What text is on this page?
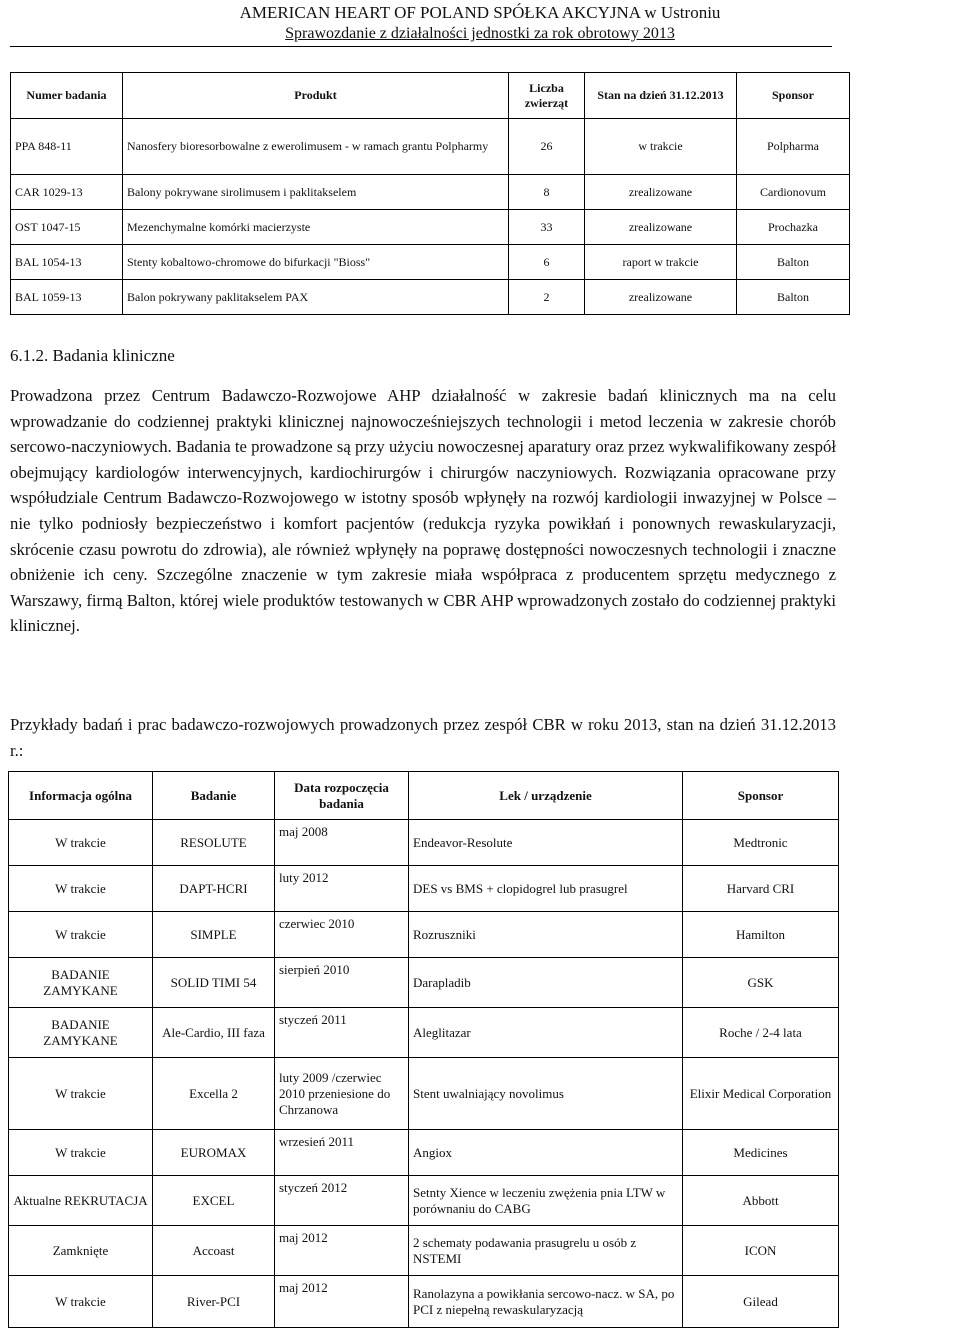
AMERICAN HEART OF POLAND SPÓŁKA AKCYJNA w Ustroniu
Sprawozdanie z działalności jednostki za rok obrotowy 2013
Numer badania	Produkt	Liczba zwierząt	Stan na dzień 31.12.2013	Sponsor
PPA 848-11	Nanosfery bioresorbowalne z ewerolimusem - w ramach grantu Polpharmy	26	w trakcie	Polpharma
CAR 1029-13	Balony pokrywane sirolimusem i paklitakselem	8	zrealizowane	Cardionovum
OST 1047-15	Mezenchymalne komórki macierzyste	33	zrealizowane	Prochazka
BAL 1054-13	Stenty kobaltowo-chromowe do bifurkacji "Bioss"	6	raport w trakcie	Balton
BAL 1059-13	Balon pokrywany paklitakselem PAX	2	zrealizowane	Balton
6.1.2. Badania kliniczne

Prowadzona przez Centrum Badawczo-Rozwojowe AHP działalność w zakresie badań klinicznych ma na celu wprowadzanie do codziennej praktyki klinicznej najnowocześniejszych technologii i metod leczenia w zakresie chorób sercowo-naczyniowych. Badania te prowadzone są przy użyciu nowoczesnej aparatury oraz przez wykwalifikowany zespół obejmujący kardiologów interwencyjnych, kardiochirurgów i chirurgów naczyniowych. Rozwiązania opracowane przy współudziale Centrum Badawczo-Rozwojowego w istotny sposób wpłynęły na rozwój kardiologii inwazyjnej w Polsce – nie tylko podniosły bezpieczeństwo i komfort pacjentów (redukcja ryzyka powikłań i ponownych rewaskularyzacji, skrócenie czasu powrotu do zdrowia), ale również wpłynęły na poprawę dostępności nowoczesnych technologii i znaczne obniżenie ich ceny. Szczególne znaczenie w tym zakresie miała współpraca z producentem sprzętu medycznego z Warszawy, firmą Balton, której wiele produktów testowanych w CBR AHP wprowadzonych zostało do codziennej praktyki klinicznej.

Przykłady badań i prac badawczo-rozwojowych prowadzonych przez zespół CBR w roku 2013, stan na dzień 31.12.2013 r.:

Informacja ogólna	Badanie	Data rozpoczęcia badania	Lek / urządzenie	Sponsor
W trakcie	RESOLUTE	maj 2008	Endeavor-Resolute	Medtronic
W trakcie	DAPT-HCRI	luty 2012	DES vs BMS + clopidogrel lub prasugrel	Harvard CRI
W trakcie	SIMPLE	czerwiec 2010	Rozruszniki	Hamilton
BADANIE ZAMYKANE	SOLID TIMI 54	sierpień 2010	Darapladib	GSK
BADANIE ZAMYKANE	Ale-Cardio, III faza	styczeń 2011	Aleglitazar	Roche / 2-4 lata
W trakcie	Excella 2	luty 2009 /czerwiec 2010 przeniesione do Chrzanowa	Stent uwalniający novolimus	Elixir Medical Corporation
W trakcie	EUROMAX	wrzesień 2011	Angiox	Medicines
Aktualne REKRUTACJA	EXCEL	styczeń 2012	Setnty Xience w leczeniu zwężenia pnia LTW w porównaniu do CABG	Abbott
Zamknięte	Accoast	maj 2012	2 schematy podawania prasugrelu u osób z NSTEMI	ICON
W trakcie	River-PCI	maj 2012	Ranolazyna a powikłania sercowo-nacz. w SA, po PCI z niepełną rewaskularyzacją	Gilead
